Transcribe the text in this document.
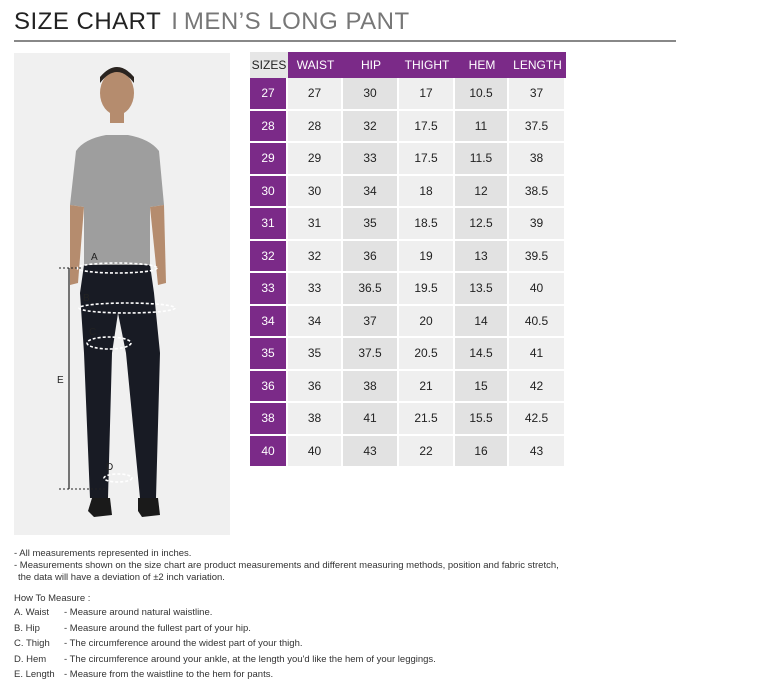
SIZE CHART I MEN’S LONG PANT
A
B
C
E
D
SIZES	WAIST	HIP	THIGHT	HEM	LENGTH
27	27	30	17	10.5	37
28	28	32	17.5	11	37.5
29	29	33	17.5	11.5	38
30	30	34	18	12	38.5
31	31	35	18.5	12.5	39
32	32	36	19	13	39.5
33	33	36.5	19.5	13.5	40
34	34	37	20	14	40.5
35	35	37.5	20.5	14.5	41
36	36	38	21	15	42
38	38	41	21.5	15.5	42.5
40	40	43	22	16	43

- All measurements represented in inches.

- Measurements shown on the size chart are product measurements and different measuring methods, position and fabric stretch,

the data will have a deviation of ±2 inch variation.

How To Measure :
A. Waist	- Measure around natural waistline.
B. Hip	- Measure around the fullest part of your hip.
C. Thigh	- The circumference around the widest part of your thigh.
D. Hem	- The circumference around your ankle, at the length you'd like the hem of your leggings.
E. Length - Measure from the waistline to the hem for pants.
